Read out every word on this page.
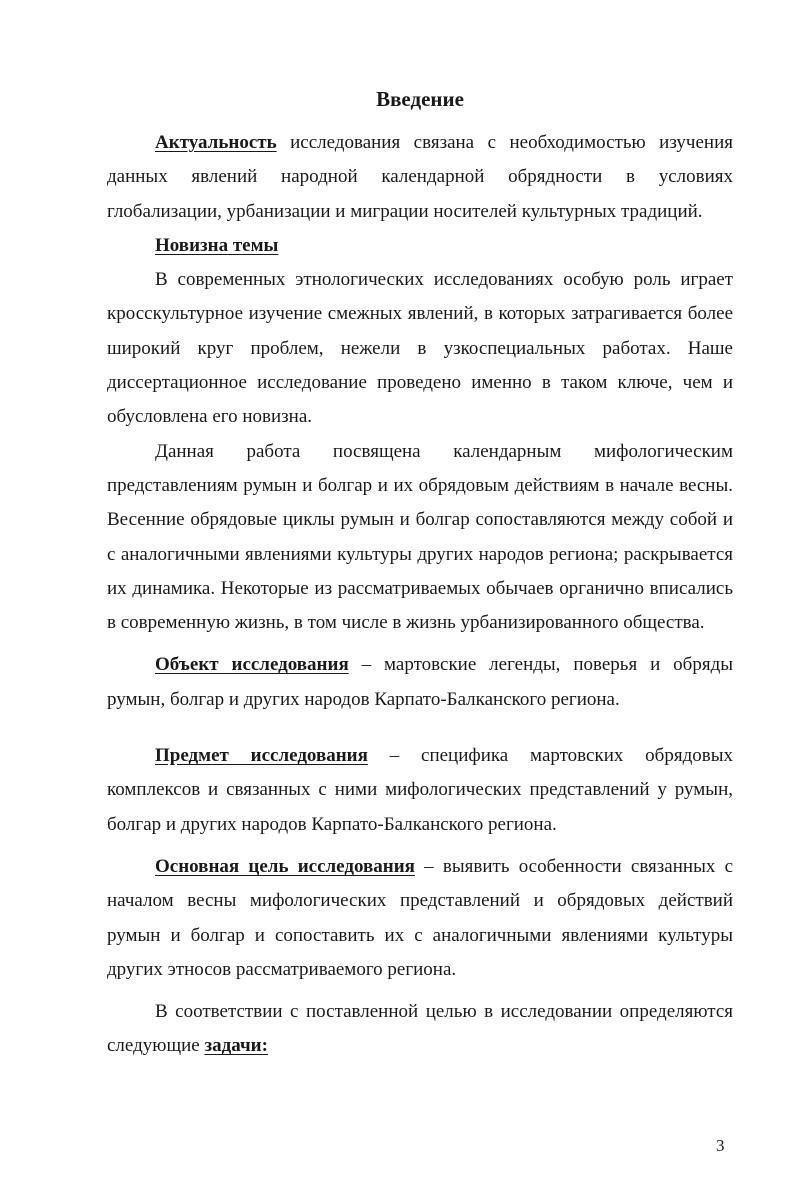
Введение

Актуальность исследования связана с необходимостью изучения данных явлений народной календарной обрядности в условиях глобализации, урбанизации и миграции носителей культурных традиций.

Новизна темы

В современных этнологических исследованиях особую роль играет кросскультурное изучение смежных явлений, в которых затрагивается более широкий круг проблем, нежели в узкоспециальных работах. Наше диссертационное исследование проведено именно в таком ключе, чем и обусловлена его новизна.

Данная работа посвящена календарным мифологическим представлениям румын и болгар и их обрядовым действиям в начале весны. Весенние обрядовые циклы румын и болгар сопоставляются между собой и с аналогичными явлениями культуры других народов региона; раскрывается их динамика. Некоторые из рассматриваемых обычаев органично вписались в современную жизнь, в том числе в жизнь урбанизированного общества.

Объект исследования – мартовские легенды, поверья и обряды румын, болгар и других народов Карпато-Балканского региона.

Предмет исследования – специфика мартовских обрядовых комплексов и связанных с ними мифологических представлений у румын, болгар и других народов Карпато-Балканского региона.

Основная цель исследования – выявить особенности связанных с началом весны мифологических представлений и обрядовых действий румын и болгар и сопоставить их с аналогичными явлениями культуры других этносов рассматриваемого региона.

В соответствии с поставленной целью в исследовании определяются следующие задачи:

3
